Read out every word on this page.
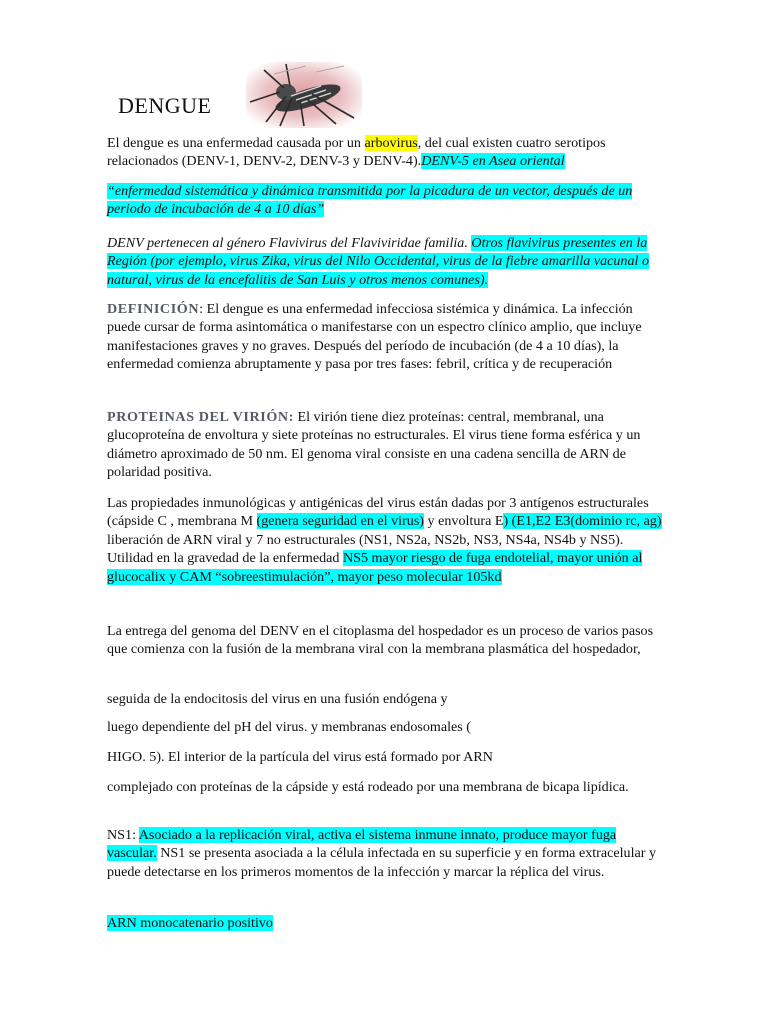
DENGUE

El dengue es una enfermedad causada por un arbovirus, del cual existen cuatro serotipos relacionados (DENV-1, DENV-2, DENV-3 y DENV-4).DENV-5 en Asea oriental

“enfermedad sistemática y dinámica transmitida por la picadura de un vector, después de un periodo de incubación de 4 a 10 días”

DENV pertenecen al género Flavivirus del Flaviviridae familia. Otros flavivirus presentes en la Región (por ejemplo, virus Zika, virus del Nilo Occidental, virus de la fiebre amarilla vacunal o natural, virus de la encefalitis de San Luis y otros menos comunes).

DEFINICIÓN: El dengue es una enfermedad infecciosa sistémica y dinámica. La infección puede cursar de forma asintomática o manifestarse con un espectro clínico amplio, que incluye manifestaciones graves y no graves. Después del período de incubación (de 4 a 10 días), la enfermedad comienza abruptamente y pasa por tres fases: febril, crítica y de recuperación

PROTEINAS DEL VIRIÓN: El virión tiene diez proteínas: central, membranal, una glucoproteína de envoltura y siete proteínas no estructurales. El virus tiene forma esférica y un diámetro aproximado de 50 nm. El genoma viral consiste en una cadena sencilla de ARN de polaridad positiva.

Las propiedades inmunológicas y antigénicas del virus están dadas por 3 antígenos estructurales (cápside C , membrana M (genera seguridad en el virus) y envoltura E) (E1,E2 E3(dominio rc, ag) liberación de ARN viral y 7 no estructurales (NS1, NS2a, NS2b, NS3, NS4a, NS4b y NS5). Utilidad en la gravedad de la enfermedad NS5 mayor riesgo de fuga endotelial, mayor unión al glucocalix y CAM “sobreestimulación”, mayor peso molecular 105kd

La entrega del genoma del DENV en el citoplasma del hospedador es un proceso de varios pasos que comienza con la fusión de la membrana viral con la membrana plasmática del hospedador,

seguida de la endocitosis del virus en una fusión endógena y

luego dependiente del pH del virus. y membranas endosomales (

HIGO. 5). El interior de la partícula del virus está formado por ARN

complejado con proteínas de la cápside y está rodeado por una membrana de bicapa lipídica.

NS1: Asociado a la replicación viral, activa el sistema inmune innato, produce mayor fuga vascular. NS1 se presenta asociada a la célula infectada en su superficie y en forma extracelular y puede detectarse en los primeros momentos de la infección y marcar la réplica del virus.

ARN monocatenario positivo
